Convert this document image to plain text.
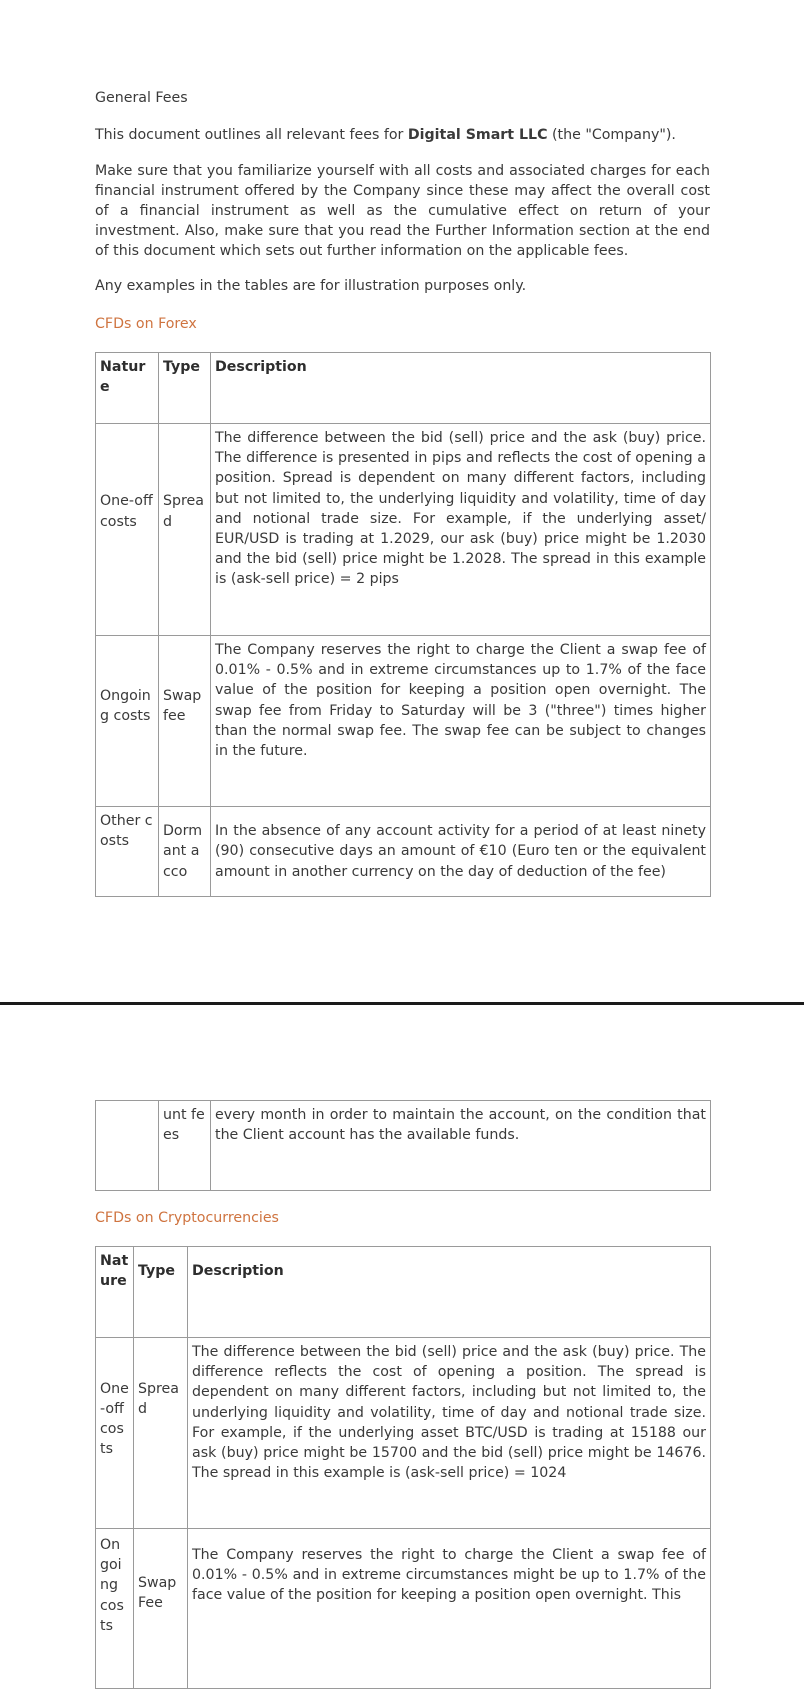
General Fees

This document outlines all relevant fees for Digital Smart LLC (the "Company").

Make sure that you familiarize yourself with all costs and associated charges for each financial instrument offered by the Company since these may affect the overall cost of a financial instrument as well as the cumulative effect on return of your investment. Also, make sure that you read the Further Information section at the end of this document which sets out further information on the applicable fees.

Any examples in the tables are for illustration purposes only.

CFDs on Forex

Nature	Type	Description
One-off costs	Spread	The difference between the bid (sell) price and the ask (buy) price. The difference is presented in pips and reflects the cost of opening a position. Spread is dependent on many different factors, including but not limited to, the underlying liquidity and volatility, time of day and notional trade size. For example, if the underlying asset/ EUR/USD is trading at 1.2029, our ask (buy) price might be 1.2030 and the bid (sell) price might be 1.2028. The spread in this example is (ask-sell price) = 2 pips
Ongoing costs	Swap fee	The Company reserves the right to charge the Client a swap fee of 0.01% - 0.5% and in extreme circumstances up to 1.7% of the face value of the position for keeping a position open overnight. The swap fee from Friday to Saturday will be 3 ("three") times higher than the normal swap fee. The swap fee can be subject to changes in the future.
Other costs	Dormant acco	In the absence of any account activity for a period of at least ninety (90) consecutive days an amount of €10 (Euro ten or the equivalent amount in another currency on the day of deduction of the fee)
	unt fees	every month in order to maintain the account, on the condition that the Client account has the available funds.

CFDs on Cryptocurrencies

Nature	Type	Description
One-off costs	Spread	The difference between the bid (sell) price and the ask (buy) price. The difference reflects the cost of opening a position. The spread is dependent on many different factors, including but not limited to, the underlying liquidity and volatility, time of day and notional trade size. For example, if the underlying asset BTC/USD is trading at 15188 our ask (buy) price might be 15700 and the bid (sell) price might be 14676. The spread in this example is (ask-sell price) = 1024
Ongoing costs	Swap Fee	The Company reserves the right to charge the Client a swap fee of 0.01% - 0.5% and in extreme circumstances might be up to 1.7% of the face value of the position for keeping a position open overnight. This
